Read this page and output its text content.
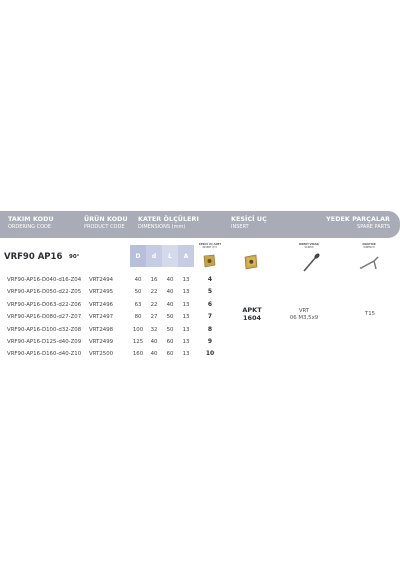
TAKIM KODU
ORDERING CODE
ÜRÜN KODU
PRODUCT CODE
KATER ÖLÇÜLERI
DIMENSIONS (mm)
KESİCİ UÇ
INSERT
YEDEK PARÇALAR
SPARE PARTS
VRF90 AP16 90°	D	d	L	A
KESİCİ UÇ ADET
INSERT QTY
INSERT VIDASI
SCREW
ANAHTAR
WRENCH
VRF90-AP16-D040-d16-Z04 VRT2494	40	16	40	13	4
VRF90-AP16-D050-d22-Z05 VRT2495	50	22	40	13	5
VRF90-AP16-D063-d22-Z06 VRT2496	63	22	40	13	6
VRF90-AP16-D080-d27-Z07 VRT2497	80	27	50	13	7
VRF90-AP16-D100-d32-Z08 VRT2498	100	32	50	13	8
VRF90-AP16-D125-d40-Z09 VRT2499	125	40	60	13	9
VRF90-AP16-D160-d40-Z10 VRT2500	160	40	60	13	10
APKT
1604
VRT
06 M3,5x9
T15
